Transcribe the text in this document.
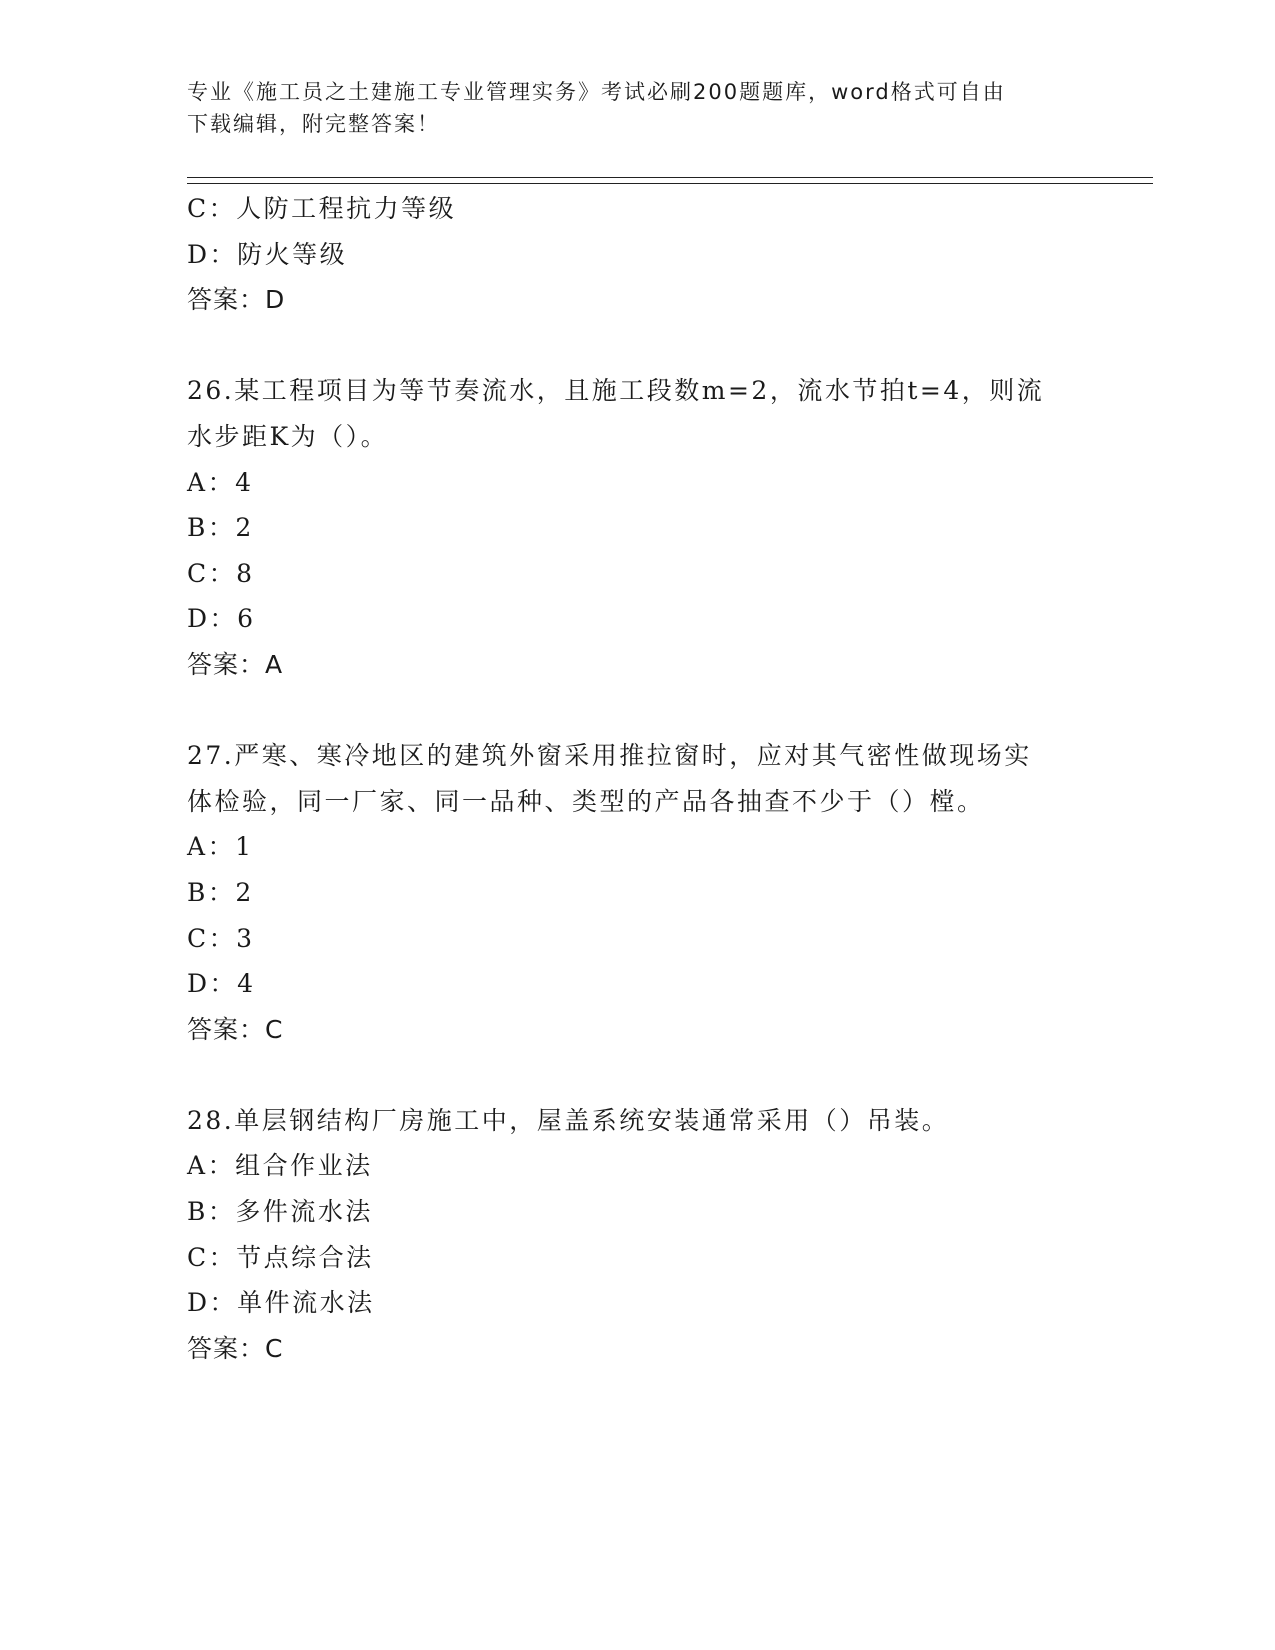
专业《施工员之土建施工专业管理实务》考试必刷200题题库，word格式可自由
下载编辑，附完整答案！
C：人防工程抗力等级
D：防火等级
答案：D
26.某工程项目为等节奏流水，且施工段数m=2，流水节拍t=4，则流
水步距K为（）。
A：4
B：2
C：8
D：6
答案：A
27.严寒、寒冷地区的建筑外窗采用推拉窗时，应对其气密性做现场实
体检验，同一厂家、同一品种、类型的产品各抽查不少于（）樘。
A：1
B：2
C：3
D：4
答案：C
28.单层钢结构厂房施工中，屋盖系统安装通常采用（）吊装。
A：组合作业法
B：多件流水法
C：节点综合法
D：单件流水法
答案：C
